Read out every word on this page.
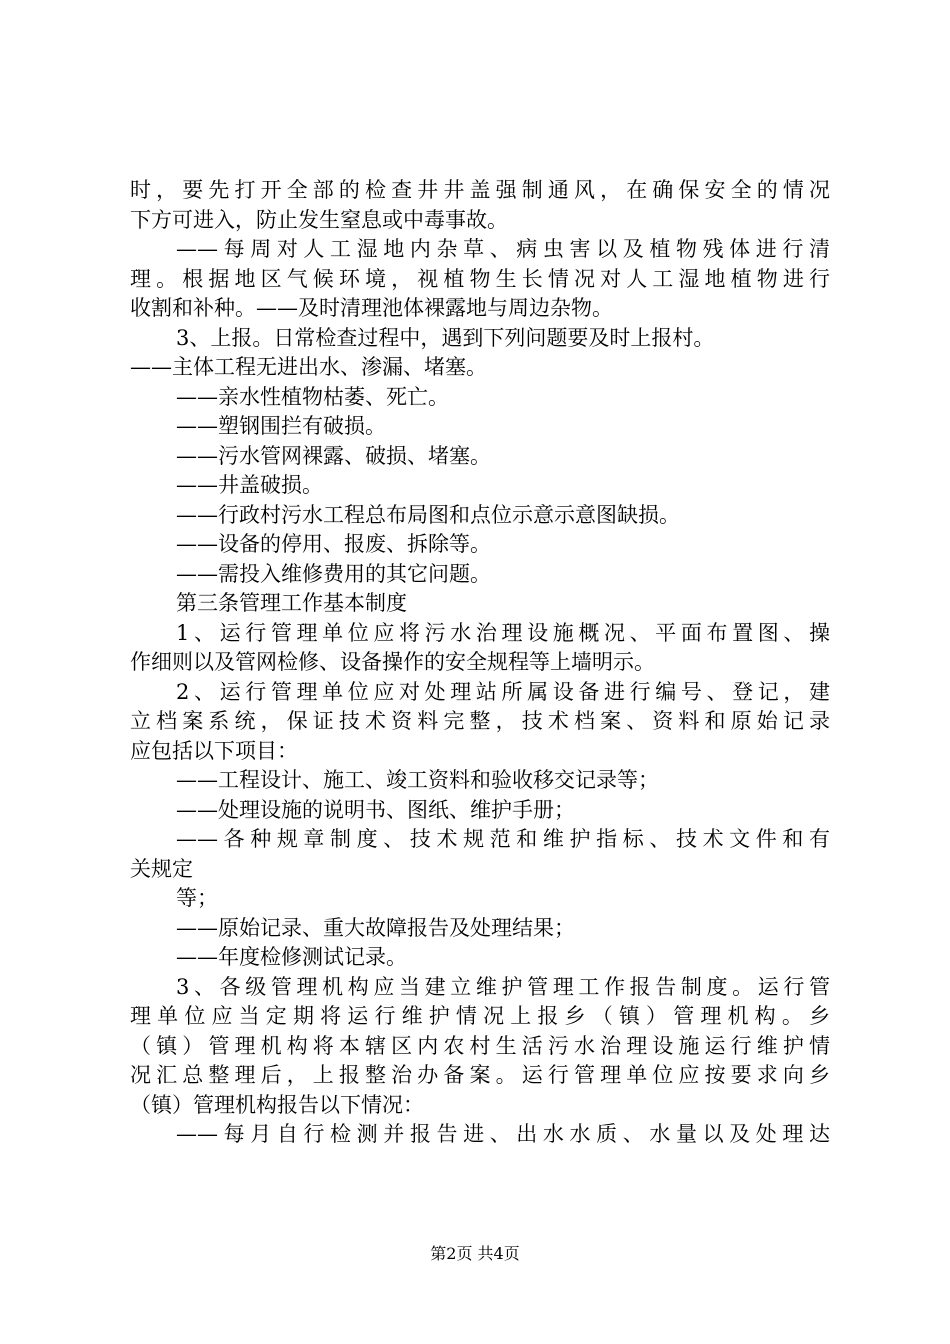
时，要先打开全部的检查井井盖强制通风，在确保安全的情况
下方可进入，防止发生窒息或中毒事故。
——每周对人工湿地内杂草、病虫害以及植物残体进行清
理。根据地区气候环境，视植物生长情况对人工湿地植物进行
收割和补种。——及时清理池体裸露地与周边杂物。
3、上报。日常检查过程中，遇到下列问题要及时上报村。
——主体工程无进出水、渗漏、堵塞。
——亲水性植物枯萎、死亡。
——塑钢围拦有破损。
——污水管网裸露、破损、堵塞。
——井盖破损。
——行政村污水工程总布局图和点位示意示意图缺损。
——设备的停用、报废、拆除等。
——需投入维修费用的其它问题。
第三条管理工作基本制度
1、运行管理单位应将污水治理设施概况、平面布置图、操
作细则以及管网检修、设备操作的安全规程等上墙明示。
2、运行管理单位应对处理站所属设备进行编号、登记，建
立档案系统，保证技术资料完整，技术档案、资料和原始记录
应包括以下项目：
——工程设计、施工、竣工资料和验收移交记录等；
——处理设施的说明书、图纸、维护手册；
——各种规章制度、技术规范和维护指标、技术文件和有
关规定
等；
——原始记录、重大故障报告及处理结果；
——年度检修测试记录。
3、各级管理机构应当建立维护管理工作报告制度。运行管
理单位应当定期将运行维护情况上报乡（镇）管理机构。乡
（镇）管理机构将本辖区内农村生活污水治理设施运行维护情
况汇总整理后，上报整治办备案。运行管理单位应按要求向乡
（镇）管理机构报告以下情况：
——每月自行检测并报告进、出水水质、水量以及处理达
第2页 共4页
